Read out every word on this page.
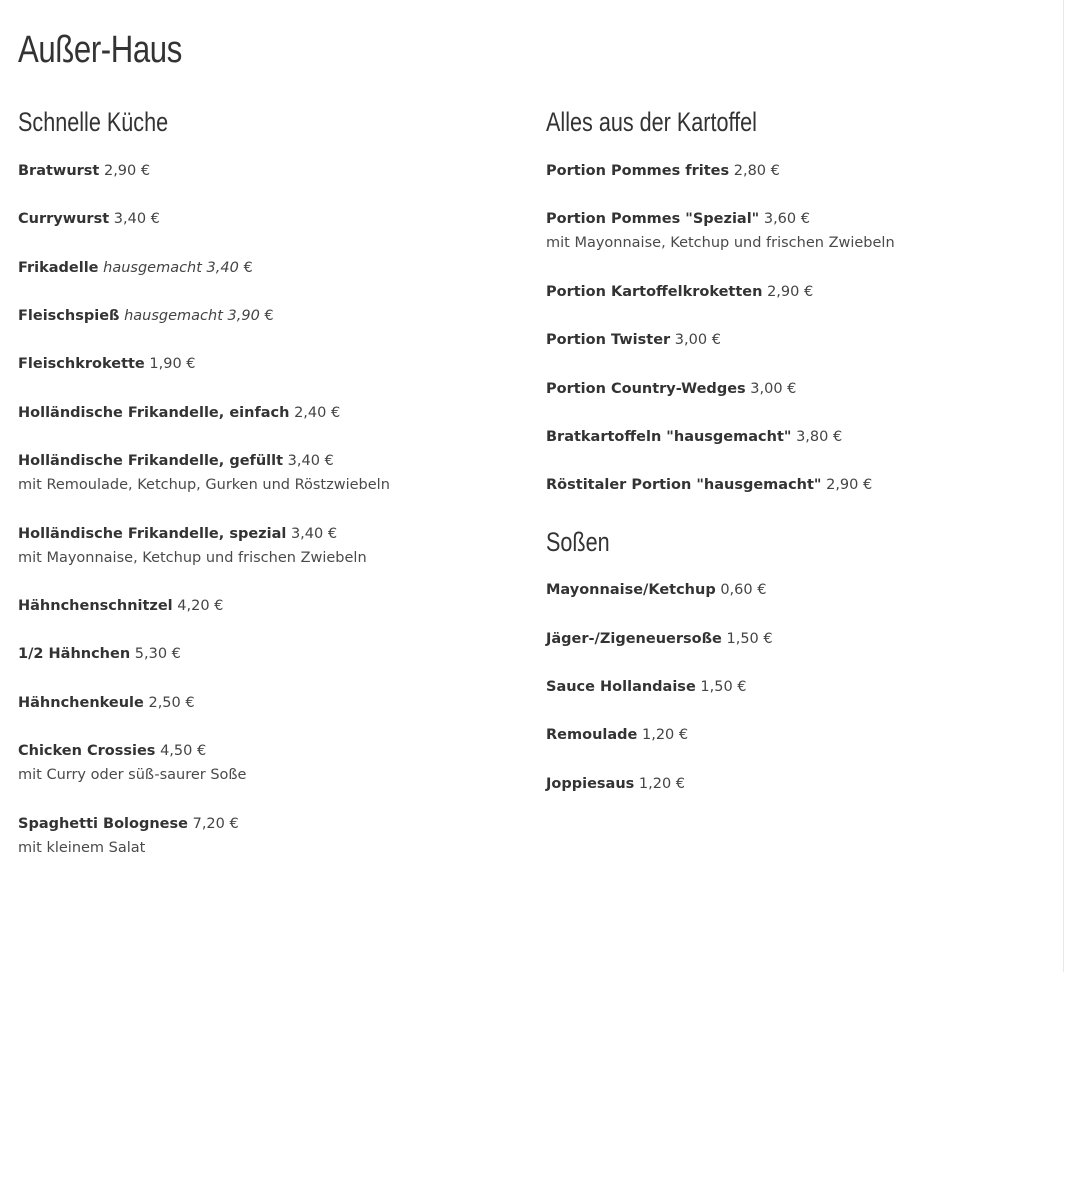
Außer-Haus
Schnelle Küche
Bratwurst 2,90 €
Currywurst 3,40 €
Frikadelle hausgemacht 3,40 €
Fleischspieß hausgemacht 3,90 €
Fleischkrokette 1,90 €
Holländische Frikandelle, einfach 2,40 €
Holländische Frikandelle, gefüllt 3,40 €
mit Remoulade, Ketchup, Gurken und Röstzwiebeln
Holländische Frikandelle, spezial 3,40 €
mit Mayonnaise, Ketchup und frischen Zwiebeln
Hähnchenschnitzel 4,20 €
1/2 Hähnchen 5,30 €
Hähnchenkeule 2,50 €
Chicken Crossies 4,50 €
mit Curry oder süß-saurer Soße
Spaghetti Bolognese 7,20 €
mit kleinem Salat
Alles aus der Kartoffel
Portion Pommes frites 2,80 €
Portion Pommes "Spezial" 3,60 €
mit Mayonnaise, Ketchup und frischen Zwiebeln
Portion Kartoffelkroketten 2,90 €
Portion Twister 3,00 €
Portion Country-Wedges 3,00 €
Bratkartoffeln "hausgemacht" 3,80 €
Röstitaler Portion "hausgemacht" 2,90 €
Soßen
Mayonnaise/Ketchup 0,60 €
Jäger-/Zigeneuersoße 1,50 €
Sauce Hollandaise 1,50 €
Remoulade 1,20 €
Joppiesaus 1,20 €
